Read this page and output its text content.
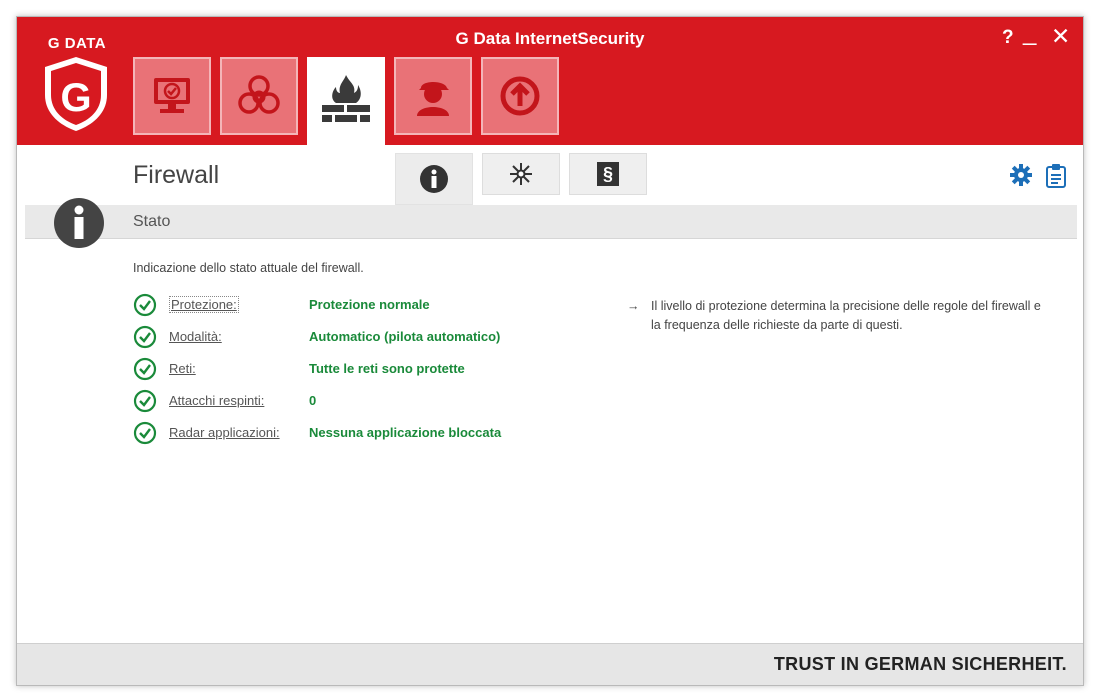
G Data InternetSecurity	? _ ✕
G DATA
G
Firewall	§
Stato
Indicazione dello stato attuale del firewall.
Protezione:	Protezione normale
Modalità:	Automatico (pilota automatico)
Reti:	Tutte le reti sono protette
Attacchi respinti:	0
Radar applicazioni: Nessuna applicazione bloccata
→ Il livello di protezione determina la precisione delle regole del firewall e la frequenza delle richieste da parte di questi.
TRUST IN GERMAN SICHERHEIT.
